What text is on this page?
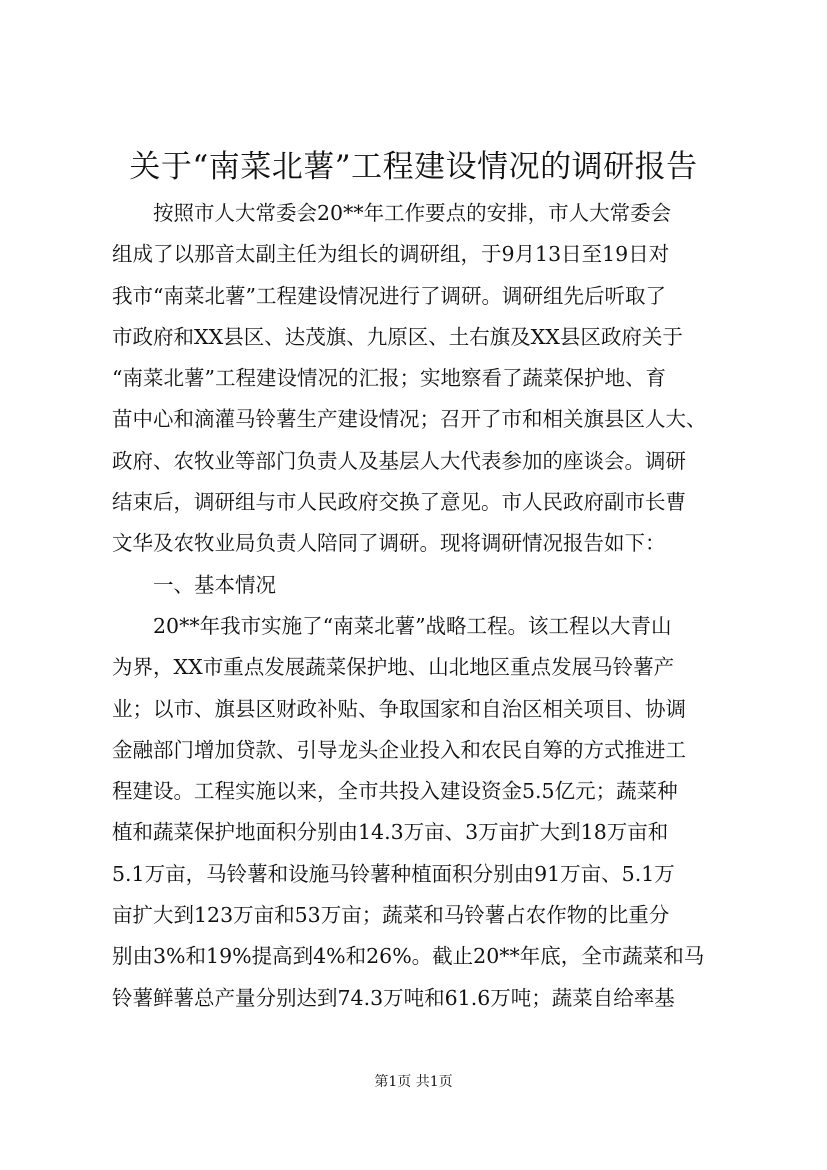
关于“南菜北薯”工程建设情况的调研报告
按照市人大常委会20**年工作要点的安排，市人大常委会
组成了以那音太副主任为组长的调研组，于9月13日至19日对
我市“南菜北薯”工程建设情况进行了调研。调研组先后听取了
市政府和XX县区、达茂旗、九原区、土右旗及XX县区政府关于
“南菜北薯”工程建设情况的汇报；实地察看了蔬菜保护地、育
苗中心和滴灌马铃薯生产建设情况；召开了市和相关旗县区人大、
政府、农牧业等部门负责人及基层人大代表参加的座谈会。调研
结束后，调研组与市人民政府交换了意见。市人民政府副市长曹
文华及农牧业局负责人陪同了调研。现将调研情况报告如下：
一、基本情况
20**年我市实施了“南菜北薯”战略工程。该工程以大青山
为界，XX市重点发展蔬菜保护地、山北地区重点发展马铃薯产
业；以市、旗县区财政补贴、争取国家和自治区相关项目、协调
金融部门增加贷款、引导龙头企业投入和农民自筹的方式推进工
程建设。工程实施以来，全市共投入建设资金5.5亿元；蔬菜种
植和蔬菜保护地面积分别由14.3万亩、3万亩扩大到18万亩和
5.1万亩，马铃薯和设施马铃薯种植面积分别由91万亩、5.1万
亩扩大到123万亩和53万亩；蔬菜和马铃薯占农作物的比重分
别由3%和19%提高到4%和26%。截止20**年底，全市蔬菜和马
铃薯鲜薯总产量分别达到74.3万吨和61.6万吨；蔬菜自给率基
第1页 共1页
